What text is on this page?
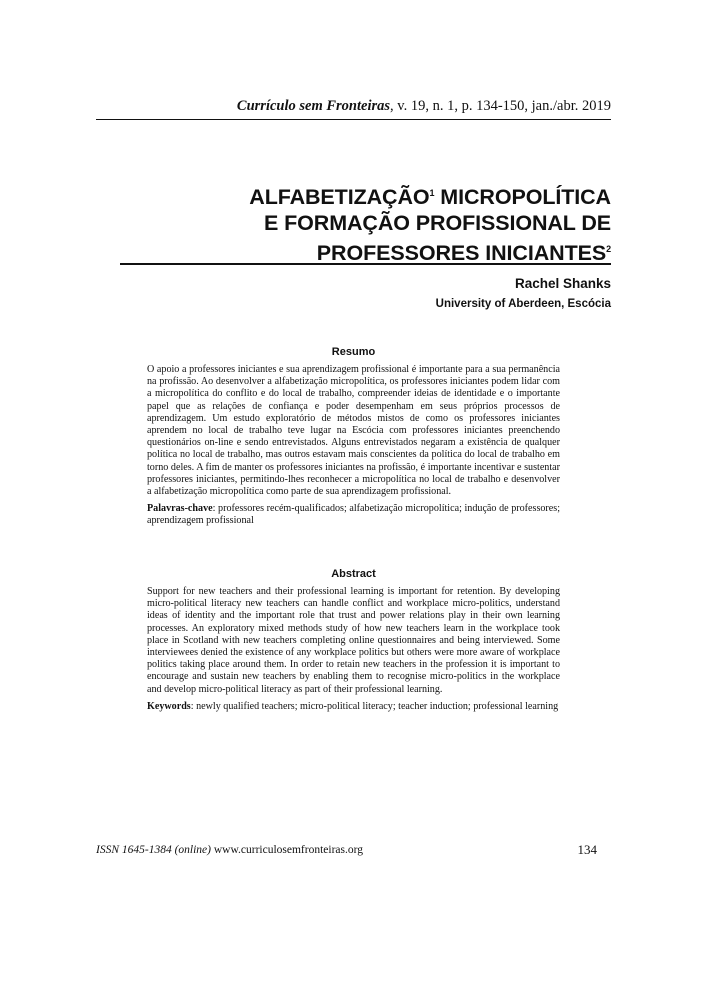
Currículo sem Fronteiras, v. 19, n. 1, p. 134-150, jan./abr. 2019
ALFABETIZAÇÃO$^1$ MICROPOLÍTICA
E FORMAÇÃO PROFISSIONAL DE
PROFESSORES INICIANTES$^2$
Rachel Shanks
University of Aberdeen, Escócia
Resumo

O apoio a professores iniciantes e sua aprendizagem profissional é importante para a sua permanência na profissão. Ao desenvolver a alfabetização micropolítica, os professores iniciantes podem lidar com a micropolítica do conflito e do local de trabalho, compreender ideias de identidade e o importante papel que as relações de confiança e poder desempenham em seus próprios processos de aprendizagem. Um estudo exploratório de métodos mistos de como os professores iniciantes aprendem no local de trabalho teve lugar na Escócia com professores iniciantes preenchendo questionários on-line e sendo entrevistados. Alguns entrevistados negaram a existência de qualquer política no local de trabalho, mas outros estavam mais conscientes da política do local de trabalho em torno deles. A fim de manter os professores iniciantes na profissão, é importante incentivar e sustentar professores iniciantes, permitindo-lhes reconhecer a micropolítica no local de trabalho e desenvolver a alfabetização micropolítica como parte de sua aprendizagem profissional.

Palavras-chave: professores recém-qualificados; alfabetização micropolítica; indução de professores; aprendizagem profissional

Abstract

Support for new teachers and their professional learning is important for retention. By developing micro-political literacy new teachers can handle conflict and workplace micro-politics, understand ideas of identity and the important role that trust and power relations play in their own learning processes. An exploratory mixed methods study of how new teachers learn in the workplace took place in Scotland with new teachers completing online questionnaires and being interviewed. Some interviewees denied the existence of any workplace politics but others were more aware of workplace politics taking place around them. In order to retain new teachers in the profession it is important to encourage and sustain new teachers by enabling them to recognise micro-politics in the workplace and develop micro-political literacy as part of their professional learning.

Keywords: newly qualified teachers; micro-political literacy; teacher induction; professional learning

ISSN 1645-1384 (online) www.curriculosemfronteiras.org	134
